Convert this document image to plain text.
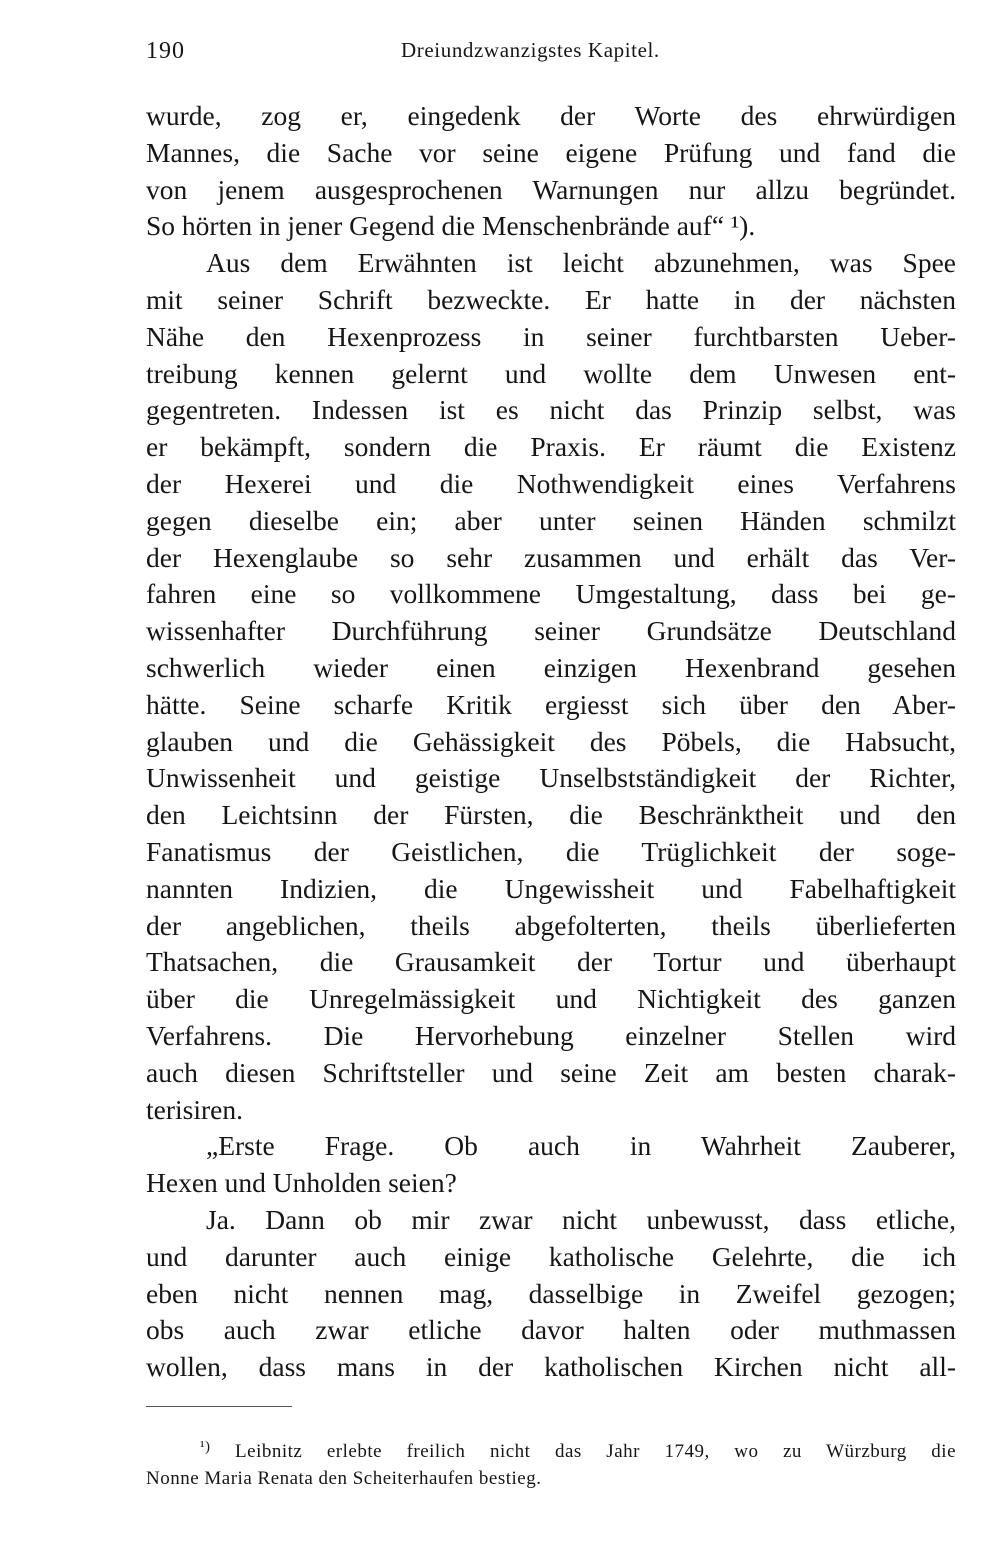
190	Dreiundzwanzigstes Kapitel.
wurde, zog er, eingedenk der Worte des ehrwürdigen
Mannes, die Sache vor seine eigene Prüfung und fand die
von jenem ausgesprochenen Warnungen nur allzu begründet.
So hörten in jener Gegend die Menschenbrände auf“ ¹).
Aus dem Erwähnten ist leicht abzunehmen, was Spee
mit seiner Schrift bezweckte. Er hatte in der nächsten
Nähe den Hexenprozess in seiner furchtbarsten Ueber-
treibung kennen gelernt und wollte dem Unwesen ent-
gegentreten. Indessen ist es nicht das Prinzip selbst, was
er bekämpft, sondern die Praxis. Er räumt die Existenz
der Hexerei und die Nothwendigkeit eines Verfahrens
gegen dieselbe ein; aber unter seinen Händen schmilzt
der Hexenglaube so sehr zusammen und erhält das Ver-
fahren eine so vollkommene Umgestaltung, dass bei ge-
wissenhafter Durchführung seiner Grundsätze Deutschland
schwerlich wieder einen einzigen Hexenbrand gesehen
hätte. Seine scharfe Kritik ergiesst sich über den Aber-
glauben und die Gehässigkeit des Pöbels, die Habsucht,
Unwissenheit und geistige Unselbstständigkeit der Richter,
den Leichtsinn der Fürsten, die Beschränktheit und den
Fanatismus der Geistlichen, die Trüglichkeit der soge-
nannten Indizien, die Ungewissheit und Fabelhaftigkeit
der angeblichen, theils abgefolterten, theils überlieferten
Thatsachen, die Grausamkeit der Tortur und überhaupt
über die Unregelmässigkeit und Nichtigkeit des ganzen
Verfahrens. Die Hervorhebung einzelner Stellen wird
auch diesen Schriftsteller und seine Zeit am besten charak-
terisiren.
„Erste Frage. Ob auch in Wahrheit Zauberer,
Hexen und Unholden seien?
Ja. Dann ob mir zwar nicht unbewusst, dass etliche,
und darunter auch einige katholische Gelehrte, die ich
eben nicht nennen mag, dasselbige in Zweifel gezogen;
obs auch zwar etliche davor halten oder muthmassen
wollen, dass mans in der katholischen Kirchen nicht all-
$^{^1)}$ Leibnitz erlebte freilich nicht das Jahr 1749, wo zu Würzburg die
Nonne Maria Renata den Scheiterhaufen bestieg.
